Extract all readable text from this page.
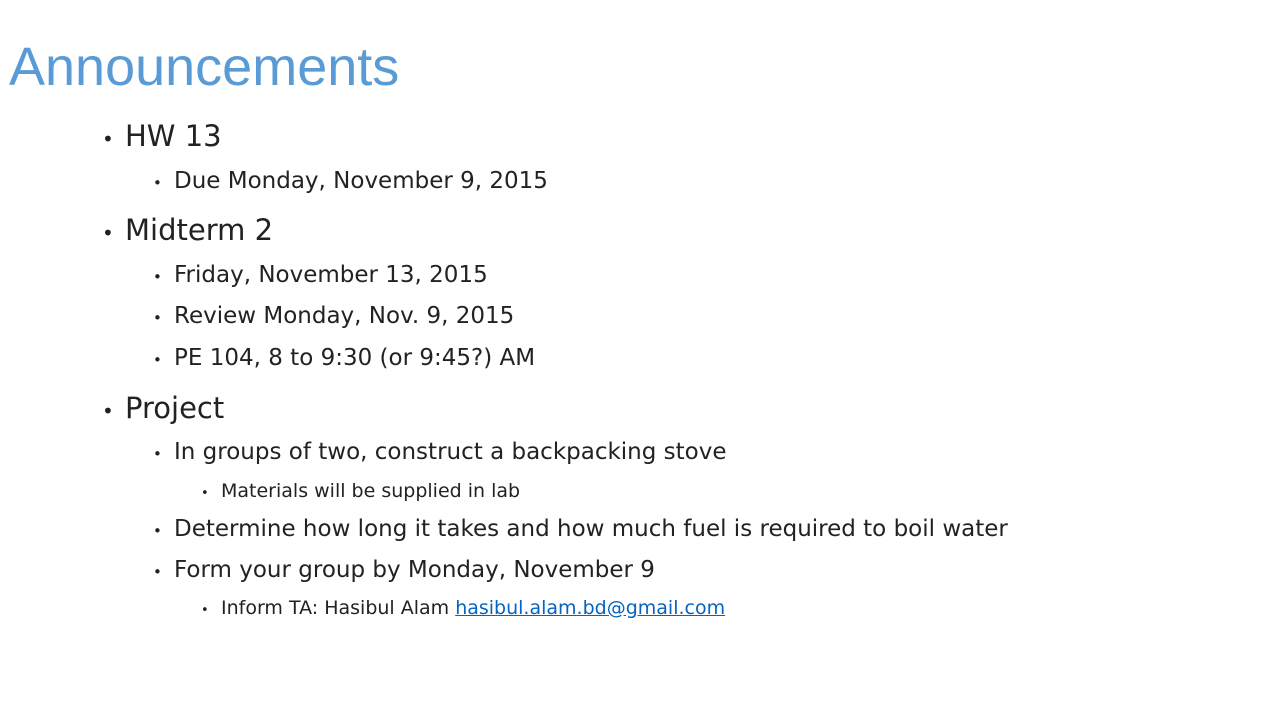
Announcements
• HW 13
• Due Monday, November 9, 2015
• Midterm 2
• Friday, November 13, 2015
• Review Monday, Nov. 9, 2015
• PE 104, 8 to 9:30 (or 9:45?) AM
• Project
• In groups of two, construct a backpacking stove
• Materials will be supplied in lab
• Determine how long it takes and how much fuel is required to boil water
• Form your group by Monday, November 9
• Inform TA: Hasibul Alam hasibul.alam.bd@gmail.com
